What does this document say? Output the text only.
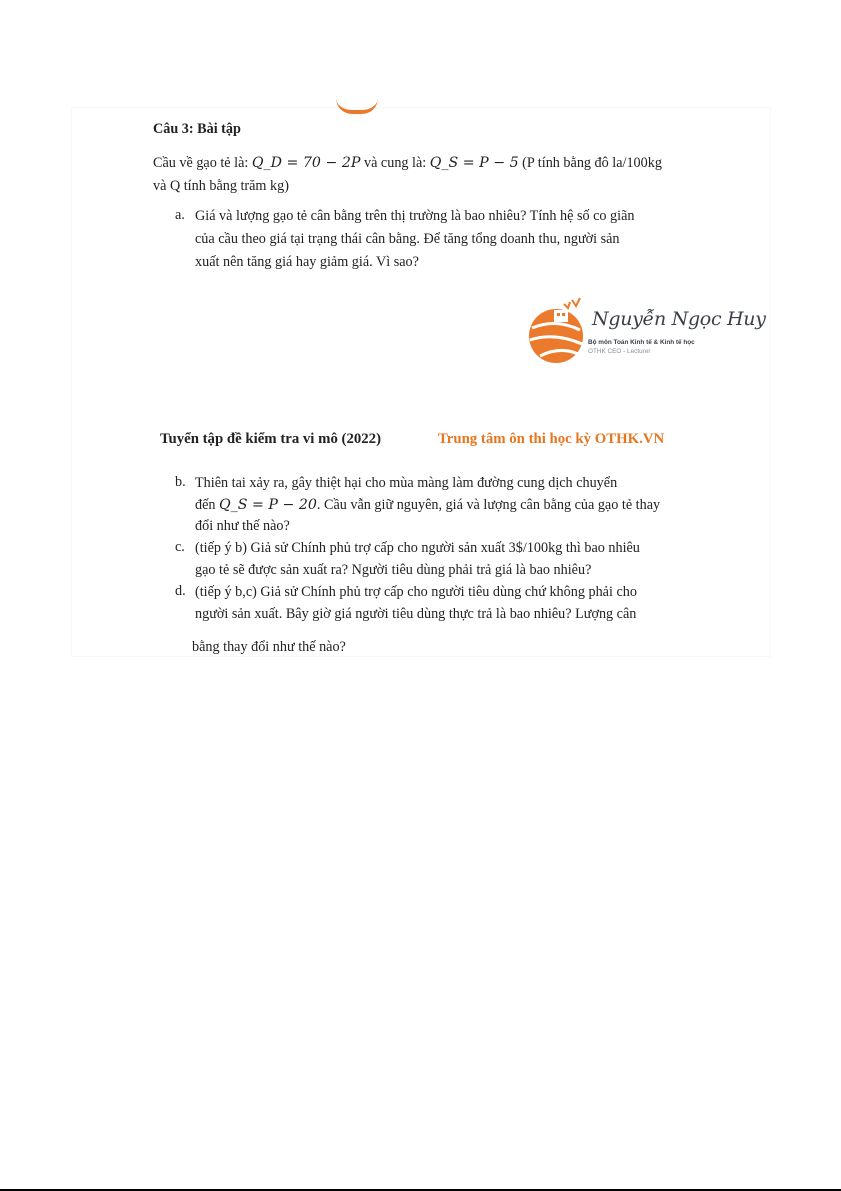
Câu 3: Bài tập
Cầu về gạo tẻ là: Q_D = 70 − 2P và cung là: Q_S = P − 5 (P tính bằng đô la/100kg
và Q tính bằng trăm kg)
a. Giá và lượng gạo tẻ cân bằng trên thị trường là bao nhiêu? Tính hệ số co giãn
của cầu theo giá tại trạng thái cân bằng. Để tăng tổng doanh thu, người sản
xuất nên tăng giá hay giảm giá. Vì sao?
Nguyễn Ngọc Huy
Bộ môn Toán Kinh tế & Kinh tế học
OTHK CEO - Lecturer
Tuyển tập đề kiểm tra vi mô (2022)	Trung tâm ôn thi học kỳ OTHK.VN
b. Thiên tai xảy ra, gây thiệt hại cho mùa màng làm đường cung dịch chuyển
đến Q_S = P − 20. Cầu vẫn giữ nguyên, giá và lượng cân bằng của gạo tẻ thay
đổi như thế nào?
c. (tiếp ý b) Giả sử Chính phủ trợ cấp cho người sản xuất 3$/100kg thì bao nhiêu
gạo tẻ sẽ được sản xuất ra? Người tiêu dùng phải trả giá là bao nhiêu?
d. (tiếp ý b,c) Giả sử Chính phủ trợ cấp cho người tiêu dùng chứ không phải cho
người sản xuất. Bây giờ giá người tiêu dùng thực trả là bao nhiêu? Lượng cân
bằng thay đổi như thế nào?
